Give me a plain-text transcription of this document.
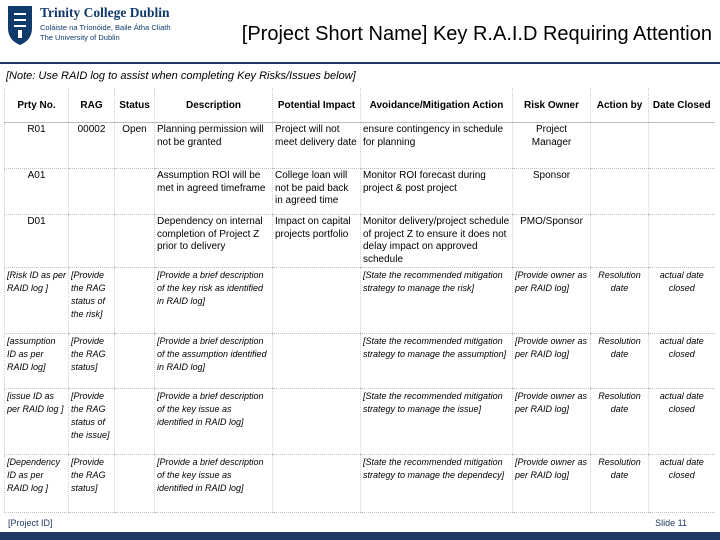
Trinity College Dublin
Coláiste na Tríonóide, Baile Átha Cliath
The University of Dublin	[Project Short Name] Key R.A.I.D Requiring Attention
[Note: Use RAID log to assist when completing Key Risks/Issues below]
Prty No.	RAG	Status	Description	Potential Impact	Avoidance/Mitigation Action	Risk Owner	Action by	Date Closed
R01	00002	Open	Planning permission will not be granted	Project will not meet delivery date	ensure contingency in schedule for planning	Project Manager		
A01			Assumption ROI will be met in agreed timeframe	College loan will not be paid back in agreed time	Monitor ROI forecast during project & post project	Sponsor		
D01			Dependency on internal completion of Project Z prior to delivery	Impact on capital projects portfolio	Monitor delivery/project schedule of project Z to ensure it does not delay impact on approved schedule	PMO/Sponsor		
[Risk ID as per RAID log ]	[Provide the RAG status of the risk]		[Provide a brief description of the key risk as identified in RAID log]		[State the recommended mitigation strategy to manage the risk]	[Provide owner as per RAID log]	Resolution date	actual date closed
[assumption ID as per RAID log]	[Provide the RAG status]		[Provide a brief description of the assumption identified in RAID log]		[State the recommended mitigation strategy to manage the assumption]	[Provide owner as per RAID log]	Resolution date	actual date closed
[issue ID as per RAID log ]	[Provide the RAG status of the issue]		[Provide a brief description of the key issue as identified in RAID log]		[State the recommended mitigation strategy to manage the issue]	[Provide owner as per RAID log]	Resolution date	actual date closed
[Dependency ID as per RAID log ]	[Provide the RAG status]		[Provide a brief description of the key issue as identified in RAID log]		[State the recommended mitigation strategy to manage the dependecy]	[Provide owner as per RAID log]	Resolution date	actual date closed
[Project ID]	Slide 11
